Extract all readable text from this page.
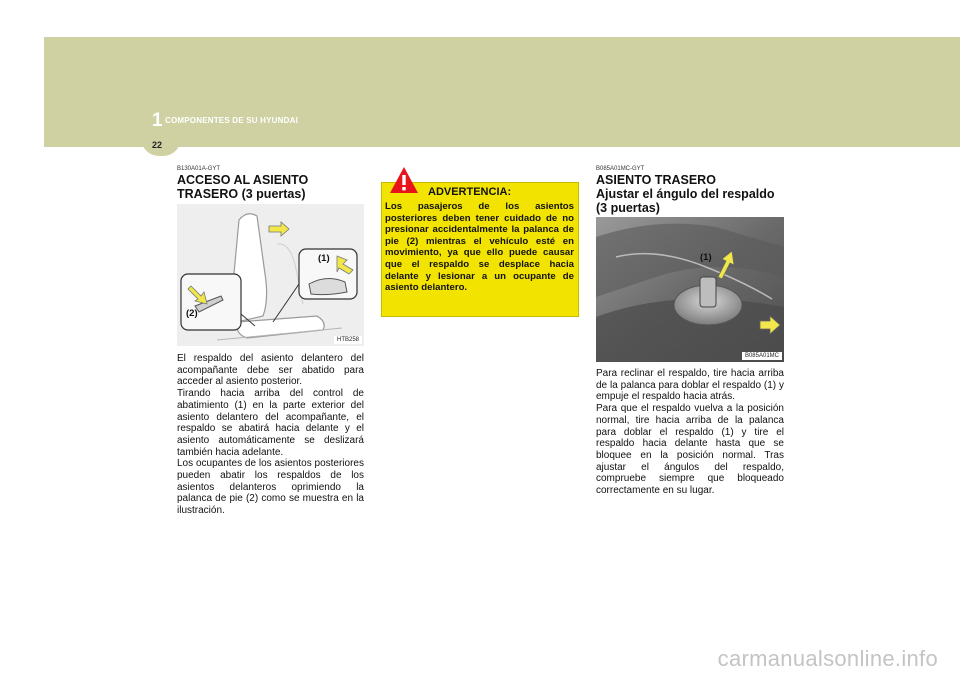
1 COMPONENTES DE SU HYUNDAI
22
B130A01A-GYT
ACCESO AL ASIENTO
TRASERO (3 puertas)
(1)
(2)
HTB258

El respaldo del asiento delantero del acompañante debe ser abatido para acceder al asiento posterior.

Tirando hacia arriba del control de abatimiento (1) en la parte exterior del asiento delantero del acompañante, el respaldo se abatirá hacia delante y el asiento automáticamente se deslizará también hacia adelante.

Los ocupantes de los asientos posteriores pueden abatir los respaldos de los asientos delanteros oprimiendo la palanca de pie (2) como se muestra en la ilustración.

ADVERTENCIA:
Los pasajeros de los asientos posteriores deben tener cuidado de no presionar accidentalmente la palanca de pie (2) mientras el vehículo esté en movimiento, ya que ello puede causar que el respaldo se desplace hacia delante y lesionar a un ocupante de asiento delantero.
B085A01MC-GYT
ASIENTO TRASERO
Ajustar el ángulo del respaldo
(3 puertas)
(1)
B085A01MC

Para reclinar el respaldo, tire hacia arriba de la palanca para doblar el respaldo (1) y empuje el respaldo hacia atrás.

Para que el respaldo vuelva a la posición normal, tire hacia arriba de la palanca para doblar el respaldo (1) y tire el respaldo hacia delante hasta que se bloquee en la posición normal. Tras ajustar el ángulos del respaldo, compruebe siempre que bloqueado correctamente en su lugar.

carmanualsonline.info
